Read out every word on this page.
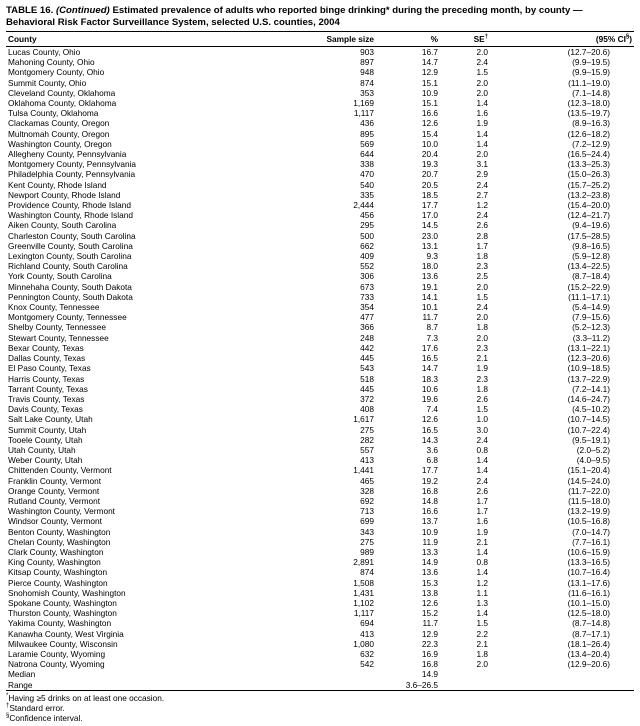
TABLE 16. (Continued) Estimated prevalence of adults who reported binge drinking* during the preceding month, by county — Behavioral Risk Factor Surveillance System, selected U.S. counties, 2004
County	Sample size	%	SE†	(95% CI§)
Lucas County, Ohio	903	16.7	2.0	(12.7–20.6)
Mahoning County, Ohio	897	14.7	2.4	(9.9–19.5)
Montgomery County, Ohio	948	12.9	1.5	(9.9–15.9)
Summit County, Ohio	874	15.1	2.0	(11.1–19.0)
Cleveland County, Oklahoma	353	10.9	2.0	(7.1–14.8)
Oklahoma County, Oklahoma	1,169	15.1	1.4	(12.3–18.0)
Tulsa County, Oklahoma	1,117	16.6	1.6	(13.5–19.7)
Clackamas County, Oregon	436	12.6	1.9	(8.9–16.3)
Multnomah County, Oregon	895	15.4	1.4	(12.6–18.2)
Washington County, Oregon	569	10.0	1.4	(7.2–12.9)
Allegheny County, Pennsylvania	644	20.4	2.0	(16.5–24.4)
Montgomery County, Pennsylvania	338	19.3	3.1	(13.3–25.3)
Philadelphia County, Pennsylvania	470	20.7	2.9	(15.0–26.3)
Kent County, Rhode Island	540	20.5	2.4	(15.7–25.2)
Newport County, Rhode Island	335	18.5	2.7	(13.2–23.8)
Providence County, Rhode Island	2,444	17.7	1.2	(15.4–20.0)
Washington County, Rhode Island	456	17.0	2.4	(12.4–21.7)
Aiken County, South Carolina	295	14.5	2.6	(9.4–19.6)
Charleston County, South Carolina	500	23.0	2.8	(17.5–28.5)
Greenville County, South Carolina	662	13.1	1.7	(9.8–16.5)
Lexington County, South Carolina	409	9.3	1.8	(5.9–12.8)
Richland County, South Carolina	552	18.0	2.3	(13.4–22.5)
York County, South Carolina	306	13.6	2.5	(8.7–18.4)
Minnehaha County, South Dakota	673	19.1	2.0	(15.2–22.9)
Pennington County, South Dakota	733	14.1	1.5	(11.1–17.1)
Knox County, Tennessee	354	10.1	2.4	(5.4–14.9)
Montgomery County, Tennessee	477	11.7	2.0	(7.9–15.6)
Shelby County, Tennessee	366	8.7	1.8	(5.2–12.3)
Stewart County, Tennessee	248	7.3	2.0	(3.3–11.2)
Bexar County, Texas	442	17.6	2.3	(13.1–22.1)
Dallas County, Texas	445	16.5	2.1	(12.3–20.6)
El Paso County, Texas	543	14.7	1.9	(10.9–18.5)
Harris County, Texas	518	18.3	2.3	(13.7–22.9)
Tarrant County, Texas	445	10.6	1.8	(7.2–14.1)
Travis County, Texas	372	19.6	2.6	(14.6–24.7)
Davis County, Texas	408	7.4	1.5	(4.5–10.2)
Salt Lake County, Utah	1,617	12.6	1.0	(10.7–14.5)
Summit County, Utah	275	16.5	3.0	(10.7–22.4)
Tooele County, Utah	282	14.3	2.4	(9.5–19.1)
Utah County, Utah	557	3.6	0.8	(2.0–5.2)
Weber County, Utah	413	6.8	1.4	(4.0–9.5)
Chittenden County, Vermont	1,441	17.7	1.4	(15.1–20.4)
Franklin County, Vermont	465	19.2	2.4	(14.5–24.0)
Orange County, Vermont	328	16.8	2.6	(11.7–22.0)
Rutland County, Vermont	692	14.8	1.7	(11.5–18.0)
Washington County, Vermont	713	16.6	1.7	(13.2–19.9)
Windsor County, Vermont	699	13.7	1.6	(10.5–16.8)
Benton County, Washington	343	10.9	1.9	(7.0–14.7)
Chelan County, Washington	275	11.9	2.1	(7.7–16.1)
Clark County, Washington	989	13.3	1.4	(10.6–15.9)
King County, Washington	2,891	14.9	0.8	(13.3–16.5)
Kitsap County, Washington	874	13.6	1.4	(10.7–16.4)
Pierce County, Washington	1,508	15.3	1.2	(13.1–17.6)
Snohomish County, Washington	1,431	13.8	1.1	(11.6–16.1)
Spokane County, Washington	1,102	12.6	1.3	(10.1–15.0)
Thurston County, Washington	1,117	15.2	1.4	(12.5–18.0)
Yakima County, Washington	694	11.7	1.5	(8.7–14.8)
Kanawha County, West Virginia	413	12.9	2.2	(8.7–17.1)
Milwaukee County, Wisconsin	1,080	22.3	2.1	(18.1–26.4)
Laramie County, Wyoming	632	16.9	1.8	(13.4–20.4)
Natrona County, Wyoming	542	16.8	2.0	(12.9–20.6)
Median		14.9		
Range		3.6–26.5		
*Having ≥5 drinks on at least one occasion.
†Standard error.
§Confidence interval.
